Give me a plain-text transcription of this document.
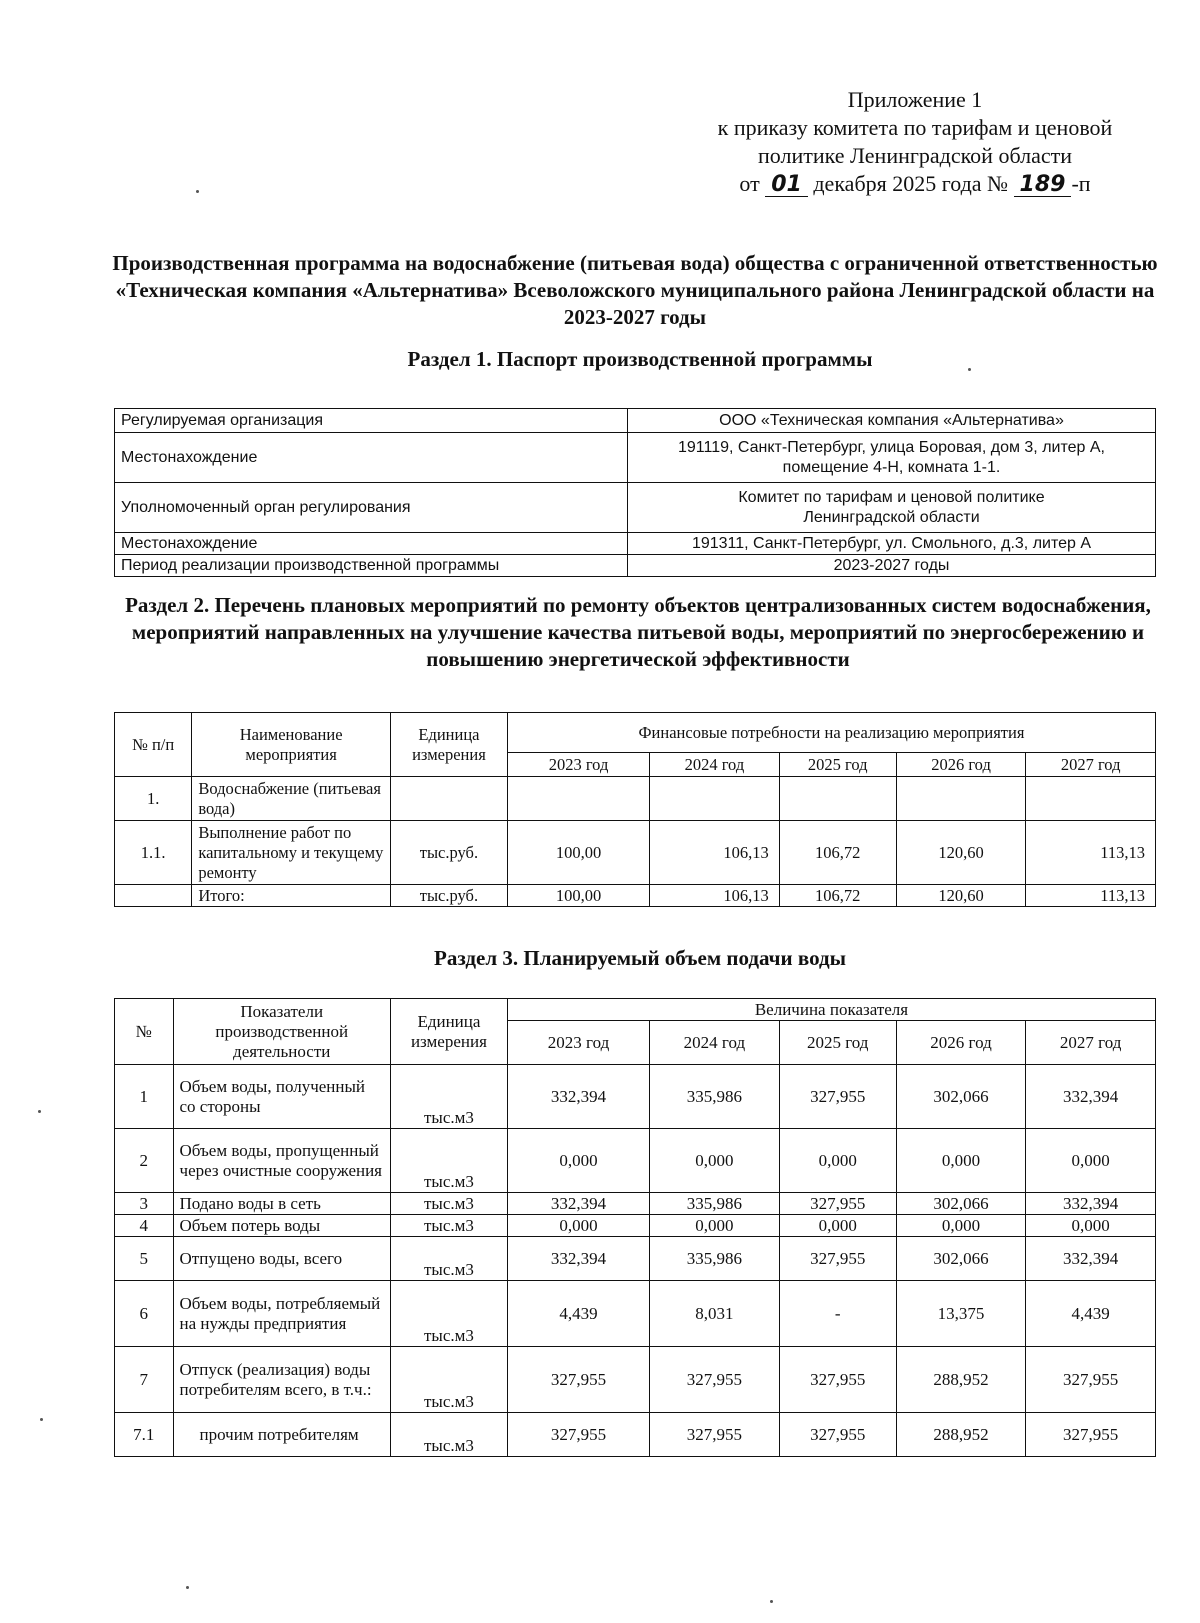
Приложение 1
к приказу комитета по тарифам и ценовой
политике Ленинградской области
от 01 декабря 2025 года № 189 -п
Производственная программа на водоснабжение (питьевая вода) общества с ограниченной ответственностью «Техническая компания «Альтернатива» Всеволожского муниципального района Ленинградской области на 2023-2027 годы
Раздел 1. Паспорт производственной программы
Регулируемая организация	ООО «Техническая компания «Альтернатива»
Местонахождение	191119, Санкт-Петербург, улица Боровая, дом 3, литер А, помещение 4-Н, комната 1-1.
Уполномоченный орган регулирования	Комитет по тарифам и ценовой политике Ленинградской области
Местонахождение	191311, Санкт-Петербург, ул. Смольного, д.3, литер А
Период реализации производственной программы	2023-2027 годы
Раздел 2. Перечень плановых мероприятий по ремонту объектов централизованных систем водоснабжения, мероприятий направленных на улучшение качества питьевой воды, мероприятий по энергосбережению и повышению энергетической эффективности
№ п/п	Наименование мероприятия	Единица измерения	Финансовые потребности на реализацию мероприятия				
			2023 год	2024 год	2025 год	2026 год	2027 год
1.	Водоснабжение (питьевая вода)						
1.1.	Выполнение работ по капитальному и текущему ремонту	тыс.руб.	100,00	106,13	106,72	120,60	113,13
	Итого:	тыс.руб.	100,00	106,13	106,72	120,60	113,13
Раздел 3. Планируемый объем подачи воды
№	Показатели производственной деятельности	Единица измерения	Величина показателя				
			2023 год	2024 год	2025 год	2026 год	2027 год
1	Объем воды, полученный со стороны	тыс.м3	332,394	335,986	327,955	302,066	332,394
2	Объем воды, пропущенный через очистные сооружения	тыс.м3	0,000	0,000	0,000	0,000	0,000
3	Подано воды в сеть	тыс.м3	332,394	335,986	327,955	302,066	332,394
4	Объем потерь воды	тыс.м3	0,000	0,000	0,000	0,000	0,000
5	Отпущено воды, всего	тыс.м3	332,394	335,986	327,955	302,066	332,394
6	Объем воды, потребляемый на нужды предприятия	тыс.м3	4,439	8,031	-	13,375	4,439
7	Отпуск (реализация) воды потребителям всего, в т.ч.:	тыс.м3	327,955	327,955	327,955	288,952	327,955
7.1	прочим потребителям	тыс.м3	327,955	327,955	327,955	288,952	327,955
